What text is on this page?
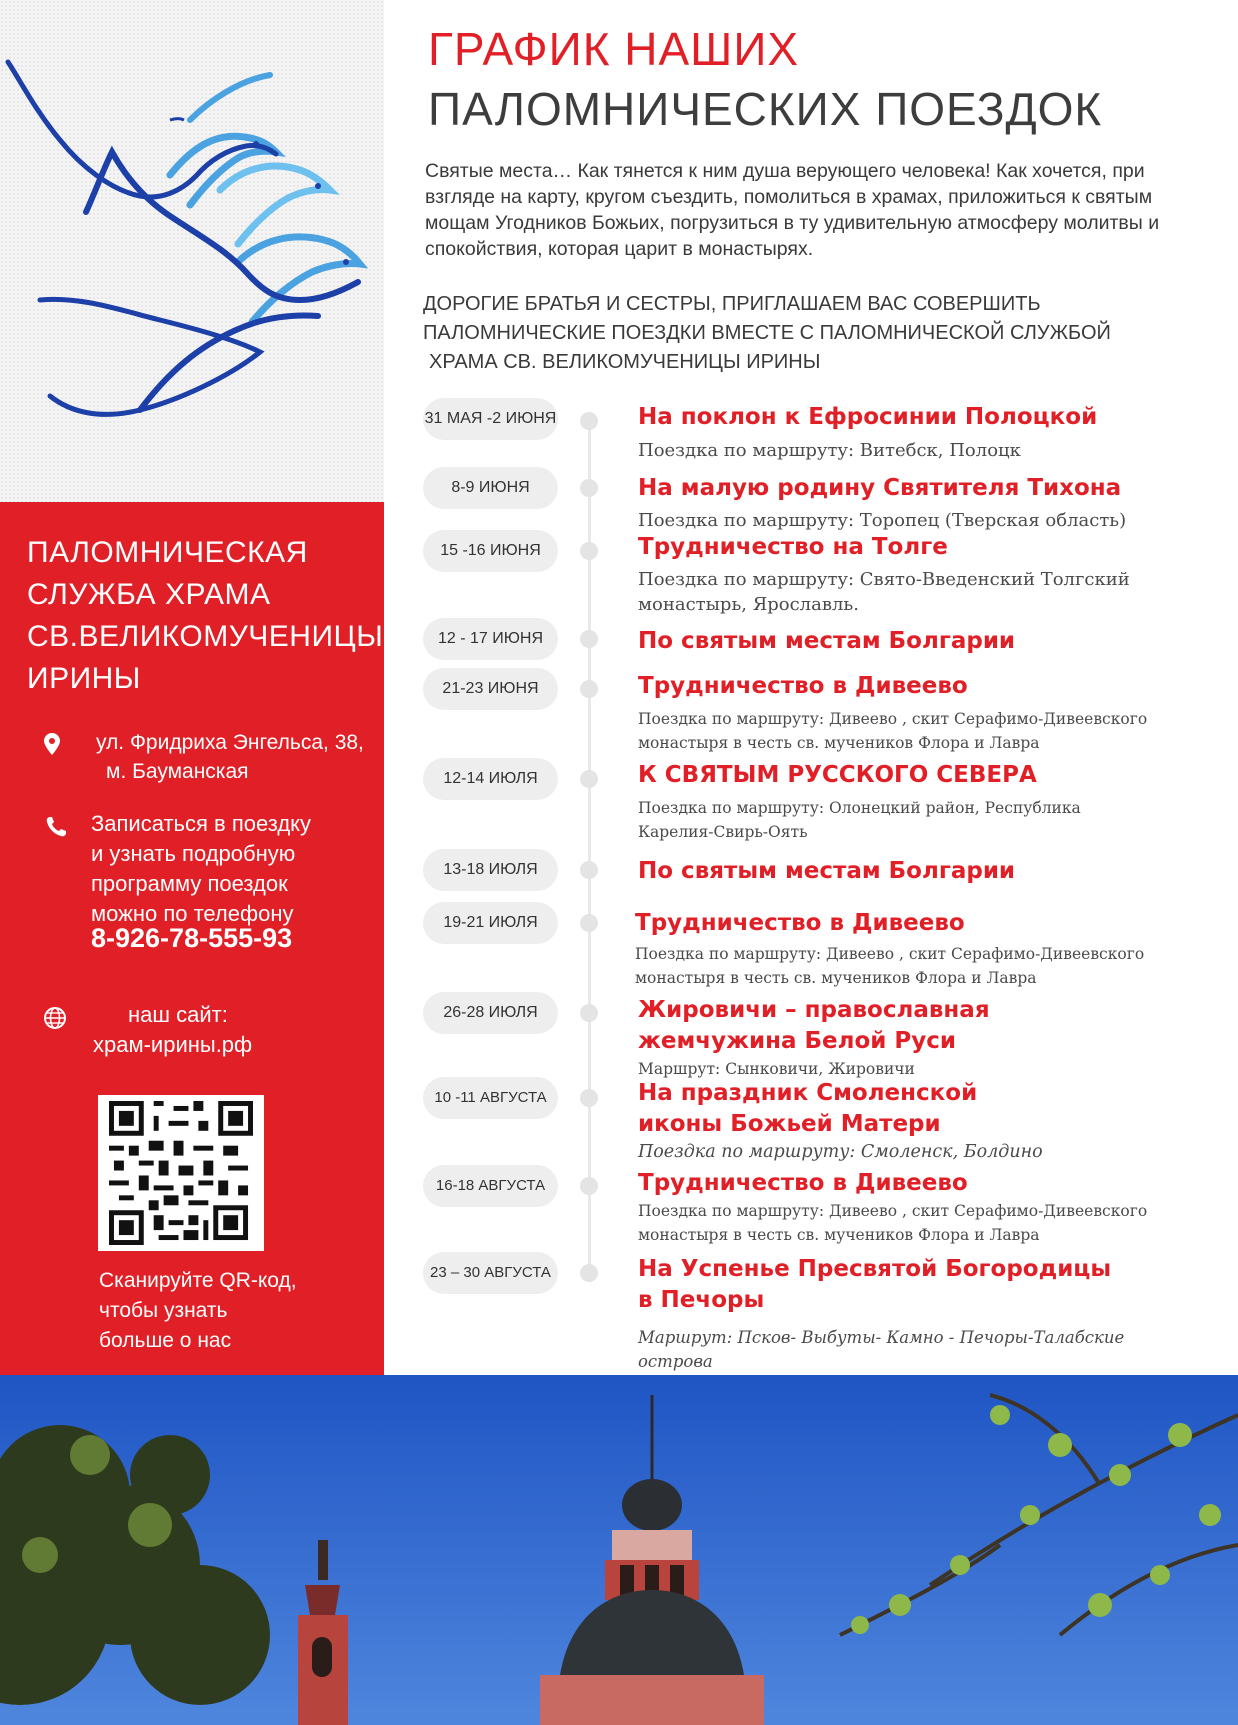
ПАЛОМНИЧЕСКАЯ
СЛУЖБА ХРАМА
СВ.ВЕЛИКОМУЧЕНИЦЫ
ИРИНЫ
ул. Фридриха Энгельса, 38,
м. Бауманская
Записаться в поездку
и узнать подробную
программу поездок
можно по телефону
8-926-78-555-93
наш сайт:
храм-ирины.рф
Сканируйте QR-код,
чтобы узнать
больше о нас
ГРАФИК НАШИХ
ПАЛОМНИЧЕСКИХ ПОЕЗДОК
Святые места… Как тянется к ним душа верующего человека! Как хочется, при взгляде на карту, кругом съездить, помолиться в храмах, приложиться к святым мощам Угодников Божьих, погрузиться в ту удивительную атмосферу молитвы и спокойствия, которая царит в монастырях.
ДОРОГИЕ БРАТЬЯ И СЕСТРЫ, ПРИГЛАШАЕМ ВАС СОВЕРШИТЬ
ПАЛОМНИЧЕСКИЕ ПОЕЗДКИ ВМЕСТЕ С ПАЛОМНИЧЕСКОЙ СЛУЖБОЙ
ХРАМА СВ. ВЕЛИКОМУЧЕНИЦЫ ИРИНЫ
31 МАЯ -2 ИЮНЯ	На поклон к Ефросинии Полоцкой
Поездка по маршруту: Витебск, Полоцк
8-9 ИЮНЯ	На малую родину Святителя Тихона
Поездка по маршруту: Торопец (Тверская область)
15 -16 ИЮНЯ	Трудничество на Толге
Поездка по маршруту: Свято-Введенский Толгский
монастырь, Ярославль.
12 - 17 ИЮНЯ	По святым местам Болгарии
21-23 ИЮНЯ	Трудничество в Дивеево
Поездка по маршруту: Дивеево , скит Серафимо-Дивеевского
монастыря в честь св. мучеников Флора и Лавра
12-14 ИЮЛЯ	К СВЯТЫМ РУССКОГО СЕВЕРА
Поездка по маршруту: Олонецкий район, Республика
Карелия-Свирь-Оять
13-18 ИЮЛЯ	По святым местам Болгарии
19-21 ИЮЛЯ	Трудничество в Дивеево
Поездка по маршруту: Дивеево , скит Серафимо-Дивеевского
монастыря в честь св. мучеников Флора и Лавра
26-28 ИЮЛЯ	Жировичи – православная
жемчужина Белой Руси
Маршрут: Сынковичи, Жировичи
10 -11 АВГУСТА	На праздник Смоленской
иконы Божьей Матери
Поездка по маршруту: Смоленск, Болдино
16-18 АВГУСТА	Трудничество в Дивеево
Поездка по маршруту: Дивеево , скит Серафимо-Дивеевского
монастыря в честь св. мучеников Флора и Лавра
23 – 30 АВГУСТА	На Успенье Пресвятой Богородицы
в Печоры
Маршрут: Псков- Выбуты- Камно - Печоры-Талабские острова
